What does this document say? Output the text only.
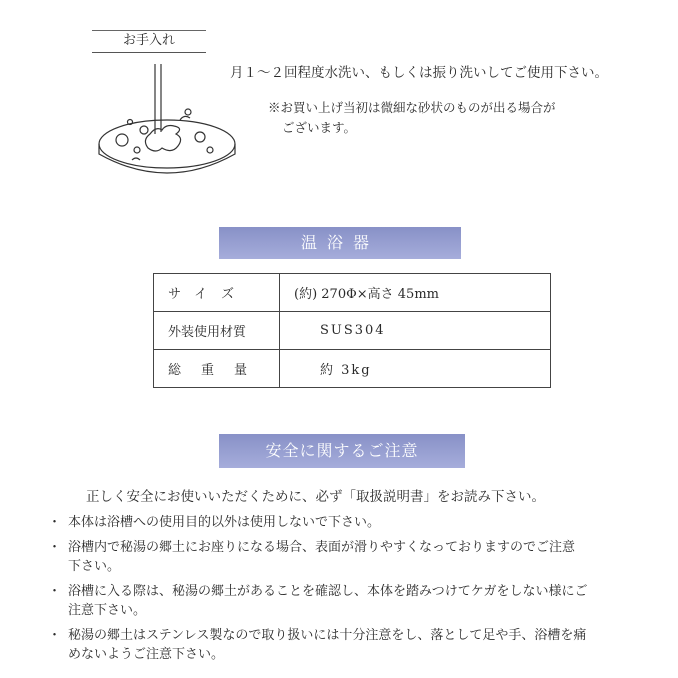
お手入れ
月１〜２回程度水洗い、もしくは振り洗いしてご使用下さい。
※お買い上げ当初は微細な砂状のものが出る場合が
ございます。
温浴器
サイズ	(約) 270Φ×高さ 45mm
外装使用材質	SUS304
総重量	約 3kg
安全に関するご注意
正しく安全にお使いいただくために、必ず「取扱説明書」をお読み下さい。
・ 本体は浴槽への使用目的以外は使用しないで下さい。
・ 浴槽内で秘湯の郷土にお座りになる場合、表面が滑りやすくなっておりますのでご注意
下さい。
・ 浴槽に入る際は、秘湯の郷土があることを確認し、本体を踏みつけてケガをしない様にご
注意下さい。
・ 秘湯の郷土はステンレス製なので取り扱いには十分注意をし、落として足や手、浴槽を痛
めないようご注意下さい。
